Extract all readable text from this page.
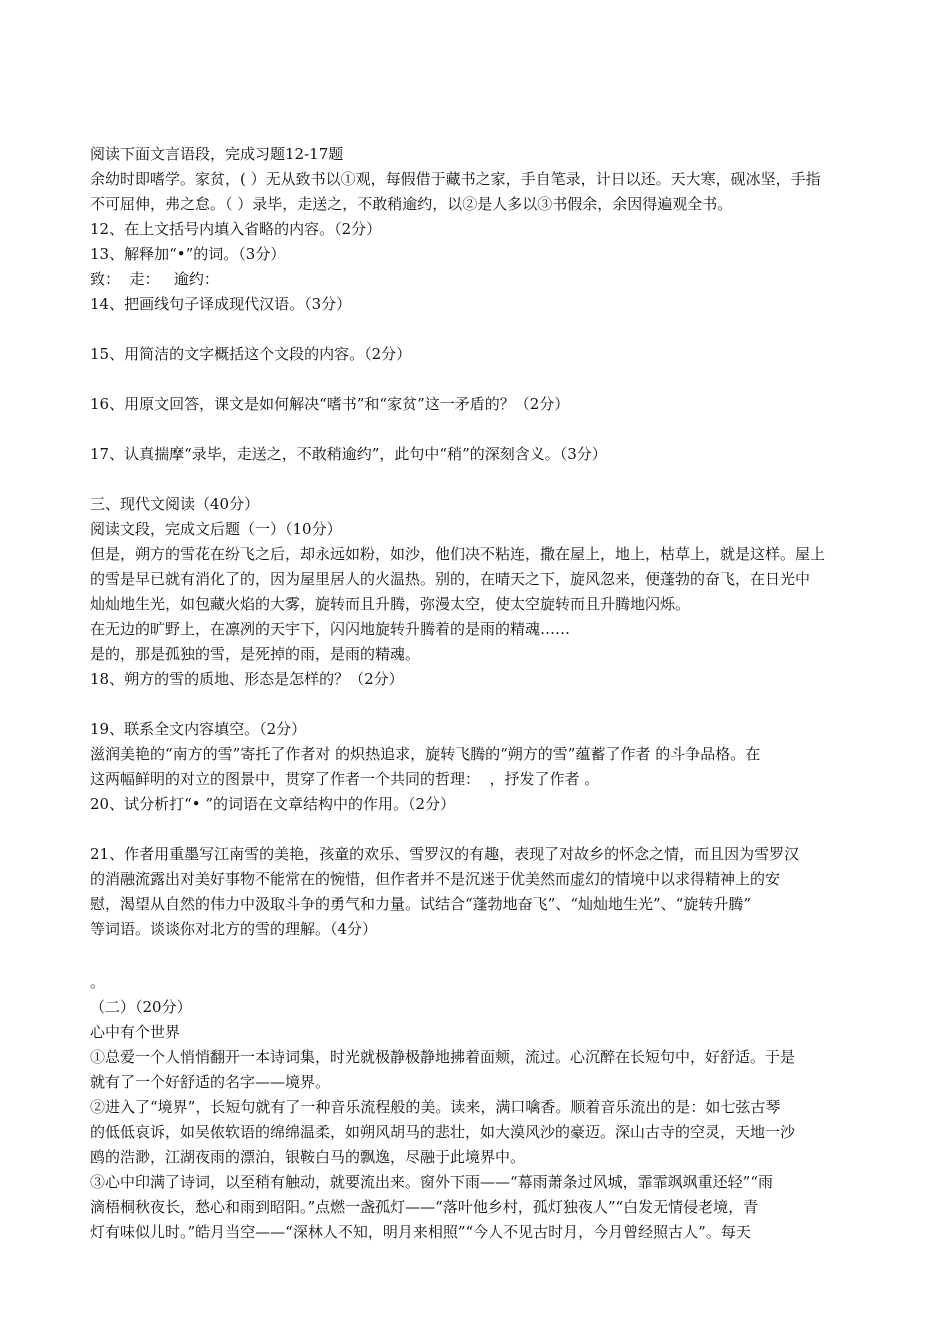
阅读下面文言语段，完成习题12-17题
余幼时即嗜学。家贫，( ）无从致书以①观，每假借于藏书之家，手自笔录，计日以还。天大寒，砚冰坚，手指
不可屈伸，弗之怠。（ ）录毕，走送之，不敢稍逾约，以②是人多以③书假余，余因得遍观全书。
12、在上文括号内填入省略的内容。（2分）
13、解释加“•”的词。（3分）
致：  走：   逾约：
14、把画线句子译成现代汉语。（3分）
15、用简洁的文字概括这个文段的内容。（2分）
16、用原文回答，课文是如何解决“嗜书”和“家贫”这一矛盾的？（2分）
17、认真揣摩“录毕，走送之，不敢稍逾约”，此句中“稍”的深刻含义。（3分）
三、现代文阅读（40分）
阅读文段，完成文后题（一）（10分）
但是，朔方的雪花在纷飞之后，却永远如粉，如沙，他们决不粘连，撒在屋上，地上，枯草上，就是这样。屋上
的雪是早已就有消化了的，因为屋里居人的火温热。别的，在晴天之下，旋风忽来，便蓬勃的奋飞，在日光中
灿灿地生光，如包藏火焰的大雾，旋转而且升腾，弥漫太空，使太空旋转而且升腾地闪烁。
在无边的旷野上，在凛冽的天宇下，闪闪地旋转升腾着的是雨的精魂……
是的，那是孤独的雪，是死掉的雨，是雨的精魂。
18、朔方的雪的质地、形态是怎样的？（2分）
19、联系全文内容填空。（2分）
滋润美艳的“南方的雪”寄托了作者对 的炽热追求，旋转飞腾的“朔方的雪”蕴蓄了作者 的斗争品格。在
这两幅鲜明的对立的图景中，贯穿了作者一个共同的哲理：  ，抒发了作者 。
20、试分析打“• ”的词语在文章结构中的作用。（2分）
21、作者用重墨写江南雪的美艳，孩童的欢乐、雪罗汉的有趣，表现了对故乡的怀念之情，而且因为雪罗汉
的消融流露出对美好事物不能常在的惋惜，但作者并不是沉迷于优美然而虚幻的情境中以求得精神上的安
慰，渴望从自然的伟力中汲取斗争的勇气和力量。试结合“蓬勃地奋飞”、“灿灿地生光”、“旋转升腾”
等词语。谈谈你对北方的雪的理解。（4分）
。
（二）（20分）
心中有个世界
①总爱一个人悄悄翻开一本诗词集，时光就极静极静地拂着面颊，流过。心沉醉在长短句中，好舒适。于是
就有了一个好舒适的名字——境界。
②进入了“境界”，长短句就有了一种音乐流程般的美。读来，满口噙香。顺着音乐流出的是：如七弦古琴
的低低哀诉，如吴侬软语的绵绵温柔，如朔风胡马的悲壮，如大漠风沙的豪迈。深山古寺的空灵，天地一沙
鸥的浩渺，江湖夜雨的漂泊，银鞍白马的飘逸，尽融于此境界中。
③心中印满了诗词，以至稍有触动，就要流出来。窗外下雨——“幕雨萧条过风城，霏霏飒飒重还轻”“雨
滴梧桐秋夜长，愁心和雨到昭阳。”点燃一盏孤灯——“落叶他乡村，孤灯独夜人”“白发无情侵老境，青
灯有味似儿时。”皓月当空——“深林人不知，明月来相照”“今人不见古时月，今月曾经照古人”。每天
